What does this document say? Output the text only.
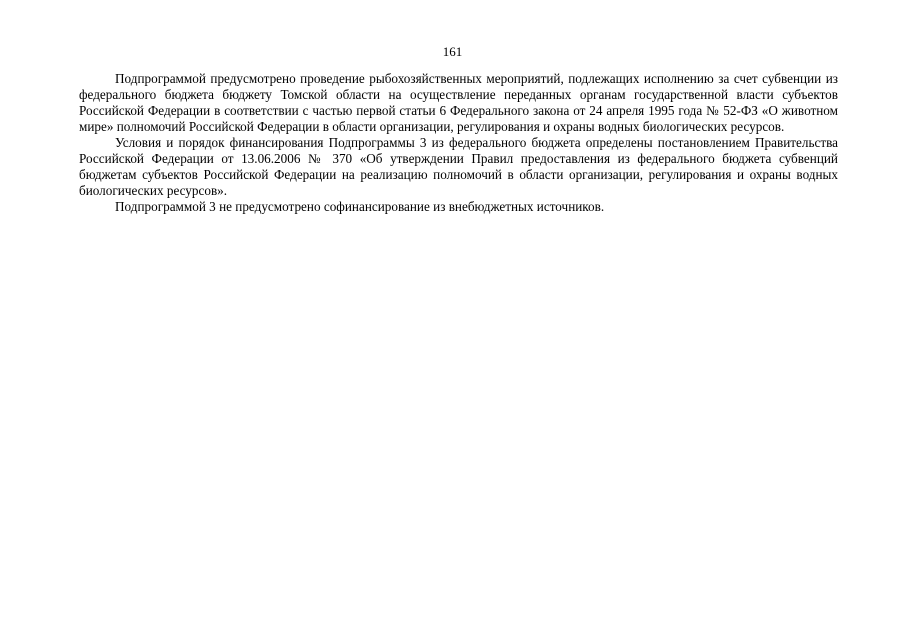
161

Подпрограммой предусмотрено проведение рыбохозяйственных мероприятий, подлежащих исполнению за счет субвенции из федерального бюджета бюджету Томской области на осуществление переданных органам государственной власти субъектов Российской Федерации в соответствии с частью первой статьи 6 Федерального закона от 24 апреля 1995 года № 52-ФЗ «О животном мире» полномочий Российской Федерации в области организации, регулирования и охраны водных биологических ресурсов.

Условия и порядок финансирования Подпрограммы 3 из федерального бюджета определены постановлением Правительства Российской Федерации от 13.06.2006 № 370 «Об утверждении Правил предоставления из федерального бюджета субвенций бюджетам субъектов Российской Федерации на реализацию полномочий в области организации, регулирования и охраны водных биологических ресурсов».

Подпрограммой 3 не предусмотрено софинансирование из внебюджетных источников.
